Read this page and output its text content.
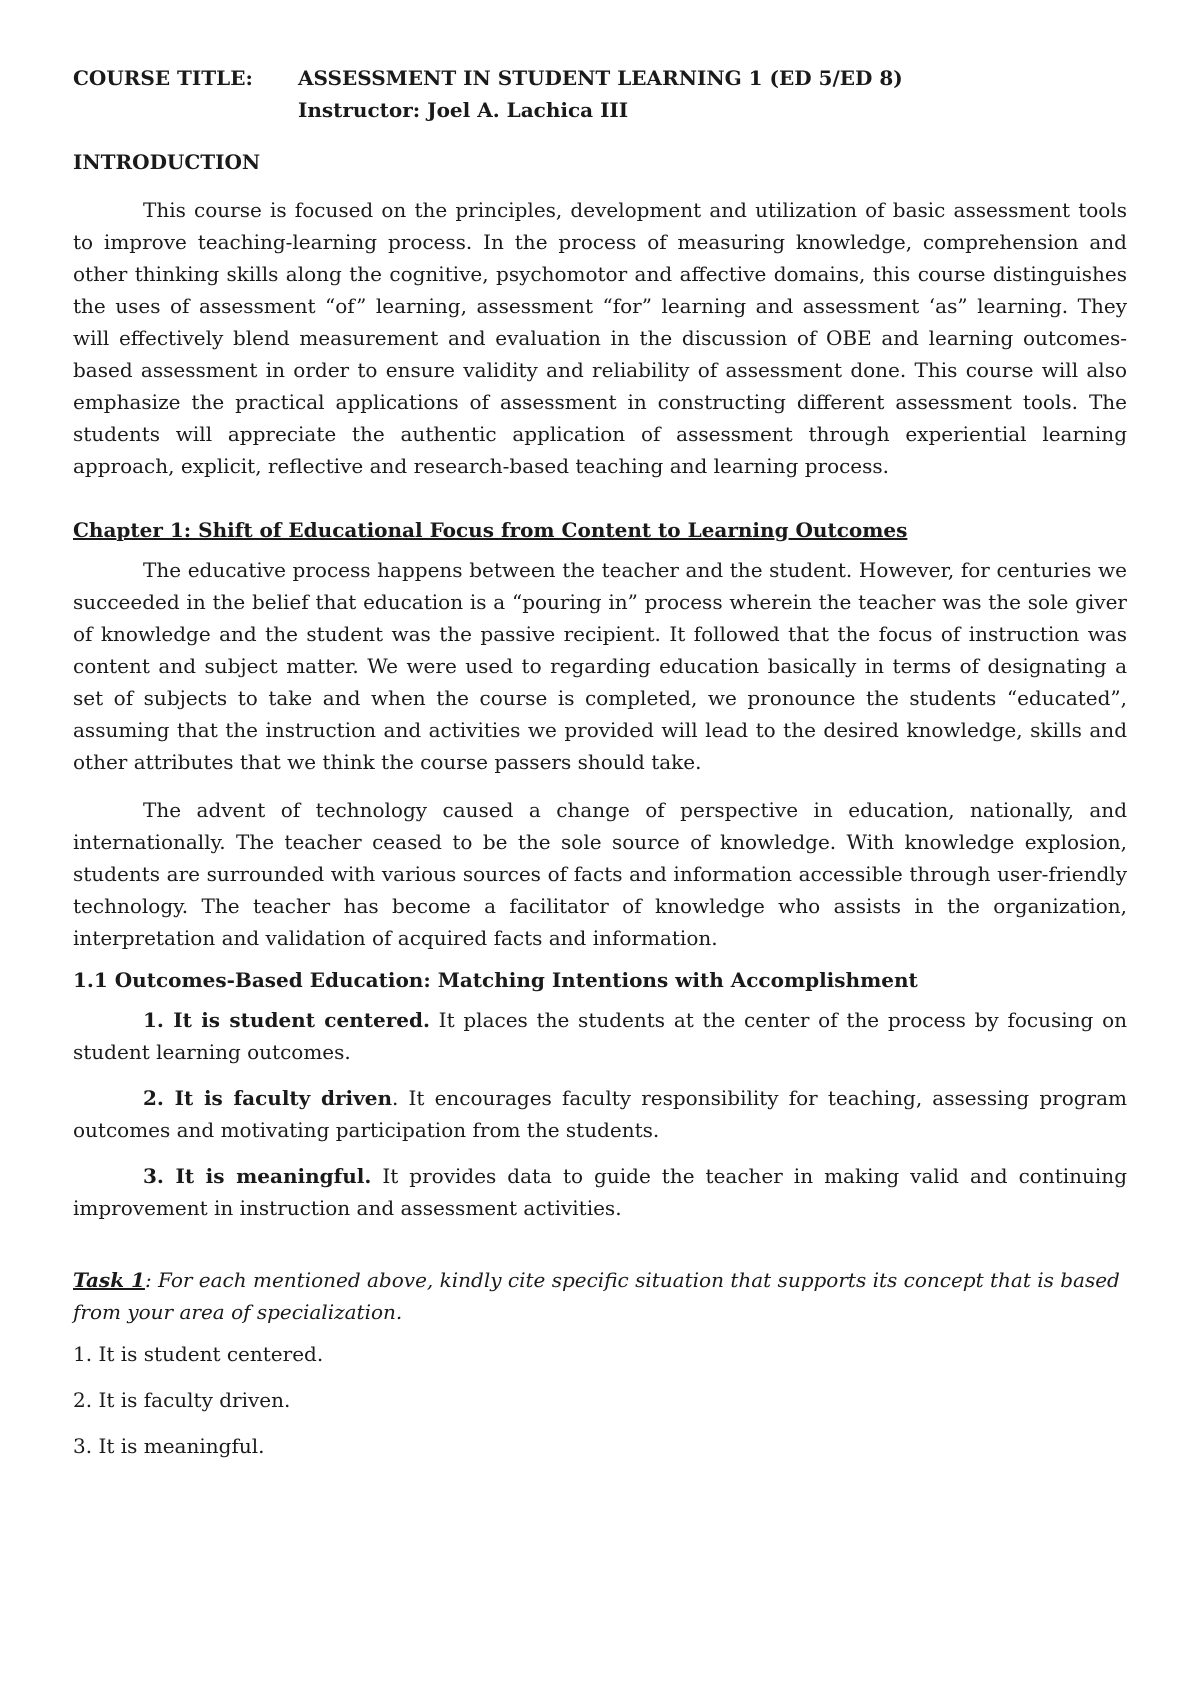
COURSE TITLE:	ASSESSMENT IN STUDENT LEARNING 1 (ED 5/ED 8)
Instructor: Joel A. Lachica III
INTRODUCTION

This course is focused on the principles, development and utilization of basic assessment tools to improve teaching-learning process. In the process of measuring knowledge, comprehension and other thinking skills along the cognitive, psychomotor and affective domains, this course distinguishes the uses of assessment “of” learning, assessment “for” learning and assessment ‘as” learning. They will effectively blend measurement and evaluation in the discussion of OBE and learning outcomes-based assessment in order to ensure validity and reliability of assessment done. This course will also emphasize the practical applications of assessment in constructing different assessment tools. The students will appreciate the authentic application of assessment through experiential learning approach, explicit, reflective and research-based teaching and learning process.

Chapter 1: Shift of Educational Focus from Content to Learning Outcomes

The educative process happens between the teacher and the student. However, for centuries we succeeded in the belief that education is a “pouring in” process wherein the teacher was the sole giver of knowledge and the student was the passive recipient. It followed that the focus of instruction was content and subject matter. We were used to regarding education basically in terms of designating a set of subjects to take and when the course is completed, we pronounce the students “educated”, assuming that the instruction and activities we provided will lead to the desired knowledge, skills and other attributes that we think the course passers should take.

The advent of technology caused a change of perspective in education, nationally, and internationally. The teacher ceased to be the sole source of knowledge. With knowledge explosion, students are surrounded with various sources of facts and information accessible through user-friendly technology. The teacher has become a facilitator of knowledge who assists in the organization, interpretation and validation of acquired facts and information.

1.1 Outcomes-Based Education: Matching Intentions with Accomplishment

1. It is student centered. It places the students at the center of the process by focusing on student learning outcomes.

2. It is faculty driven. It encourages faculty responsibility for teaching, assessing program outcomes and motivating participation from the students.

3. It is meaningful. It provides data to guide the teacher in making valid and continuing improvement in instruction and assessment activities.

Task 1: For each mentioned above, kindly cite specific situation that supports its concept that is based from your area of specialization.

1. It is student centered.

2. It is faculty driven.

3. It is meaningful.
